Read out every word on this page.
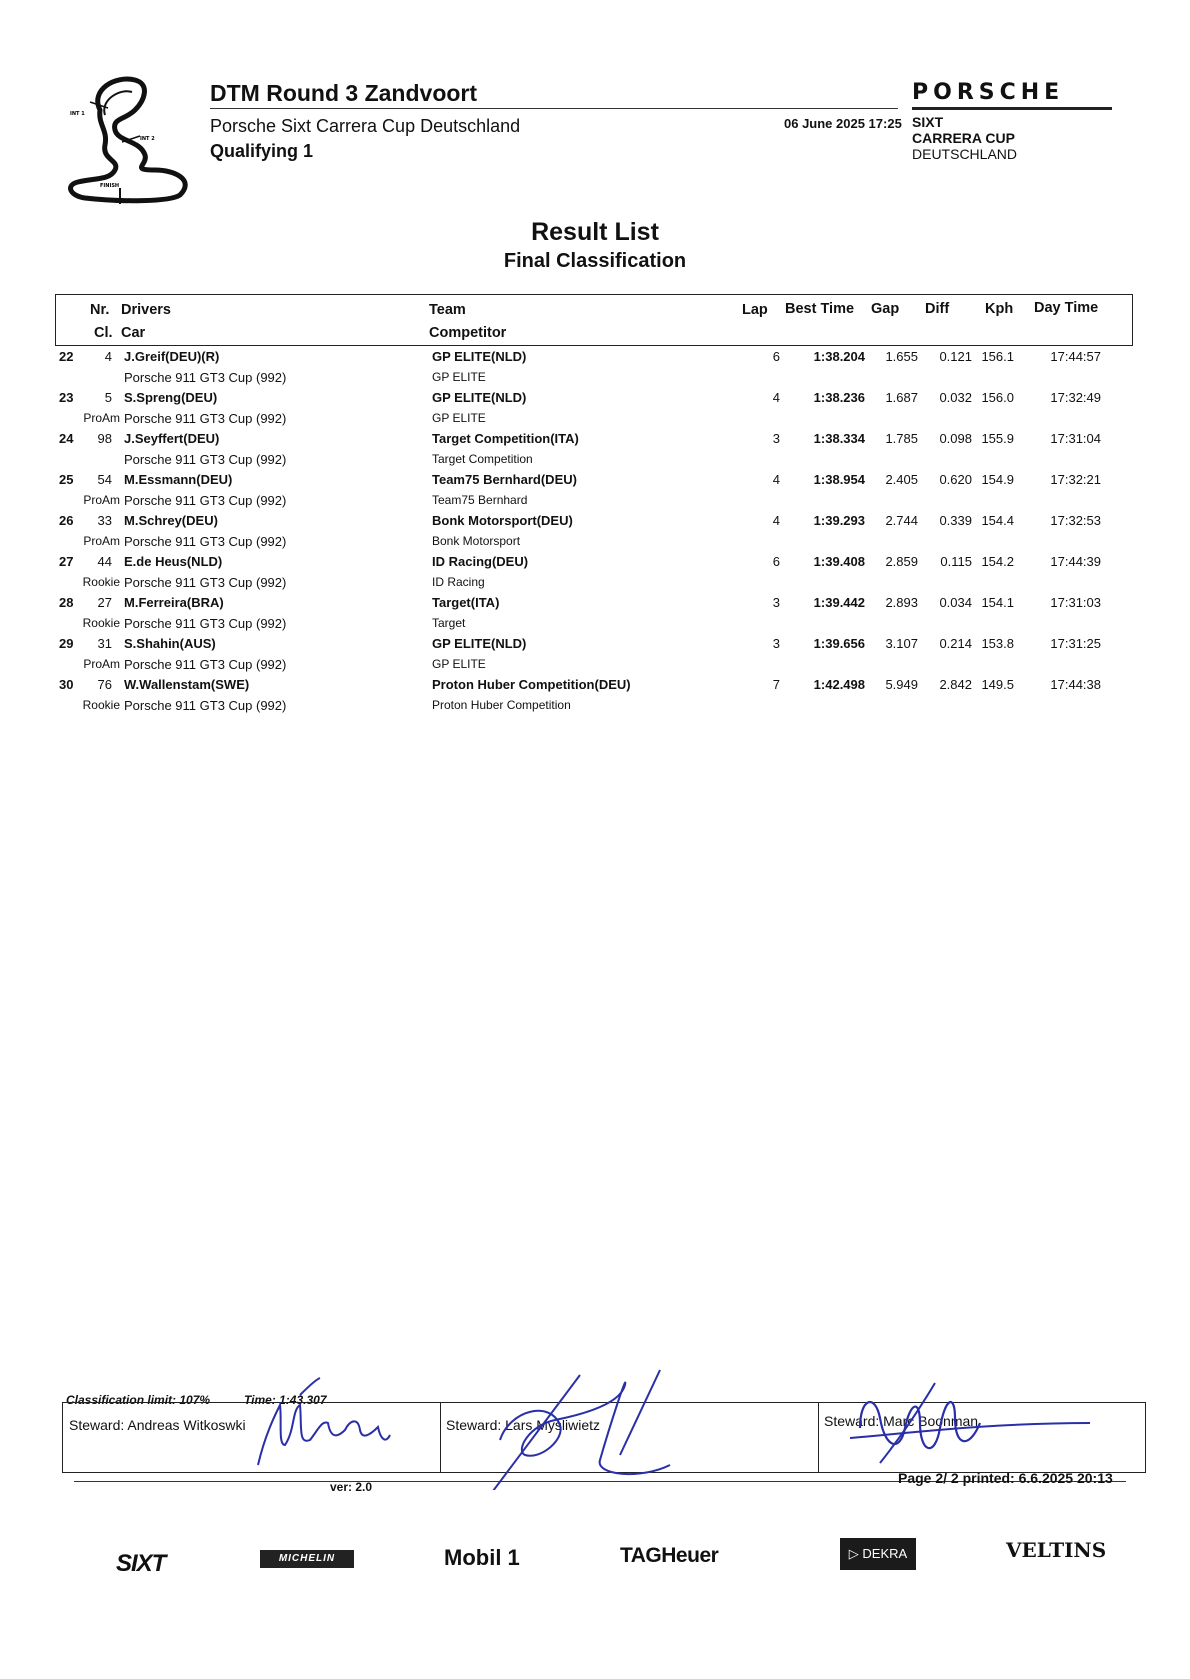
INT 1
INT 2
FINISH
DTM Round 3 Zandvoort
Porsche Sixt Carrera Cup Deutschland
Qualifying 1
06 June 2025 17:25
PORSCHE
SIXT
CARRERA CUP
DEUTSCHLAND
Result List
Final Classification
Nr. Drivers
Cl. Car
Team
Competitor
Lap Best Time Gap Diff Kph Day Time
22	4 J.Greif(DEU)(R)	GP ELITE(NLD)	6	1:38.204	1.655	0.121 156.1	17:44:57
Porsche 911 GT3 Cup (992)	GP ELITE
23	5 S.Spreng(DEU)	GP ELITE(NLD)	4	1:38.236	1.687	0.032 156.0	17:32:49
ProAm Porsche 911 GT3 Cup (992)	GP ELITE
24	98 J.Seyffert(DEU)	Target Competition(ITA)	3	1:38.334	1.785	0.098 155.9	17:31:04
Porsche 911 GT3 Cup (992)	Target Competition
25	54 M.Essmann(DEU)	Team75 Bernhard(DEU)	4	1:38.954	2.405	0.620 154.9	17:32:21
ProAm Porsche 911 GT3 Cup (992)	Team75 Bernhard
26	33 M.Schrey(DEU)	Bonk Motorsport(DEU)	4	1:39.293	2.744	0.339 154.4	17:32:53
ProAm Porsche 911 GT3 Cup (992)	Bonk Motorsport
27	44 E.de Heus(NLD)	ID Racing(DEU)	6	1:39.408	2.859	0.115 154.2	17:44:39
Rookie Porsche 911 GT3 Cup (992)	ID Racing
28	27 M.Ferreira(BRA)	Target(ITA)	3	1:39.442	2.893	0.034 154.1	17:31:03
Rookie Porsche 911 GT3 Cup (992)	Target
29	31 S.Shahin(AUS)	GP ELITE(NLD)	3	1:39.656	3.107	0.214 153.8	17:31:25
ProAm Porsche 911 GT3 Cup (992)	GP ELITE
30	76 W.Wallenstam(SWE)	Proton Huber Competition(DEU)	7	1:42.498	5.949	2.842 149.5	17:44:38
Rookie Porsche 911 GT3 Cup (992)	Proton Huber Competition
Classification limit: 107%	Time: 1:43.307
Steward: Andreas Witkoswki	Steward: Lars Mysliwietz	Steward: Marc Boonman
ver: 2.0
Page 2/ 2 printed: 6.6.2025 20:13
SIXT	MICHELIN	Mobil 1	TAGHeuer	▷ DEKRA	VELTINS
